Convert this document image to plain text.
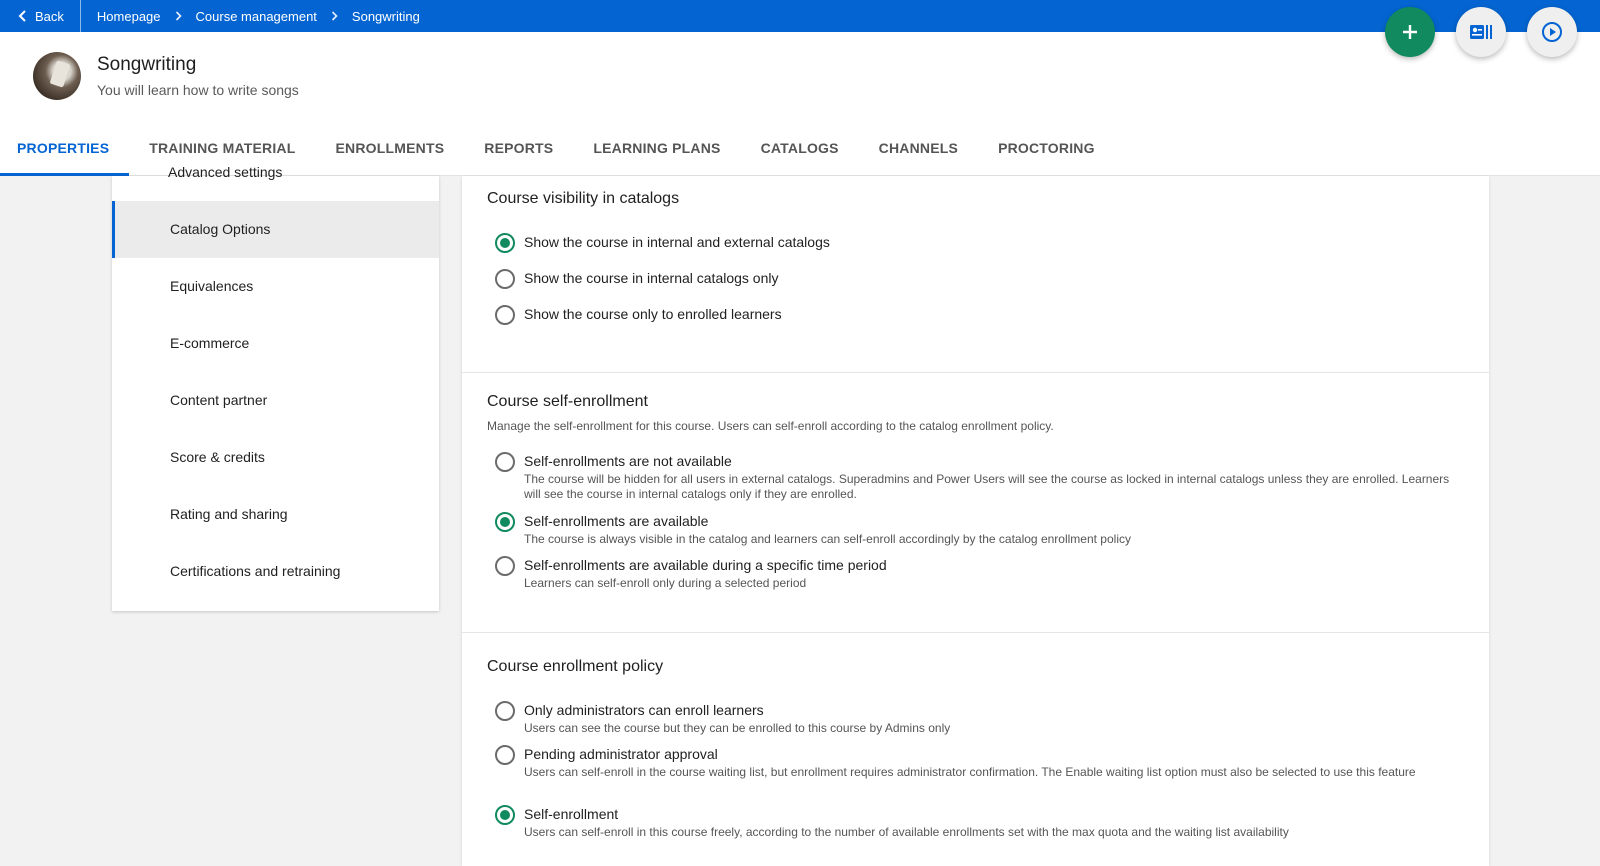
Back	Homepage	Course management	Songwriting
Songwriting
You will learn how to write songs
PROPERTIES	TRAINING MATERIAL	ENROLLMENTS	REPORTS	LEARNING PLANS	CATALOGS	CHANNELS	PROCTORING
Advanced settings
Catalog Options
Equivalences
E-commerce
Content partner
Score & credits
Rating and sharing
Certifications and retraining
Course visibility in catalogs
Show the course in internal and external catalogs
Show the course in internal catalogs only
Show the course only to enrolled learners
Course self-enrollment
Manage the self-enrollment for this course. Users can self-enroll according to the catalog enrollment policy.
Self-enrollments are not available
The course will be hidden for all users in external catalogs. Superadmins and Power Users will see the course as locked in internal catalogs unless they are enrolled. Learners will see the course in internal catalogs only if they are enrolled.
Self-enrollments are available
The course is always visible in the catalog and learners can self-enroll accordingly by the catalog enrollment policy
Self-enrollments are available during a specific time period
Learners can self-enroll only during a selected period
Course enrollment policy
Only administrators can enroll learners
Users can see the course but they can be enrolled to this course by Admins only
Pending administrator approval
Users can self-enroll in the course waiting list, but enrollment requires administrator confirmation. The Enable waiting list option must also be selected to use this feature
Self-enrollment
Users can self-enroll in this course freely, according to the number of available enrollments set with the max quota and the waiting list availability
